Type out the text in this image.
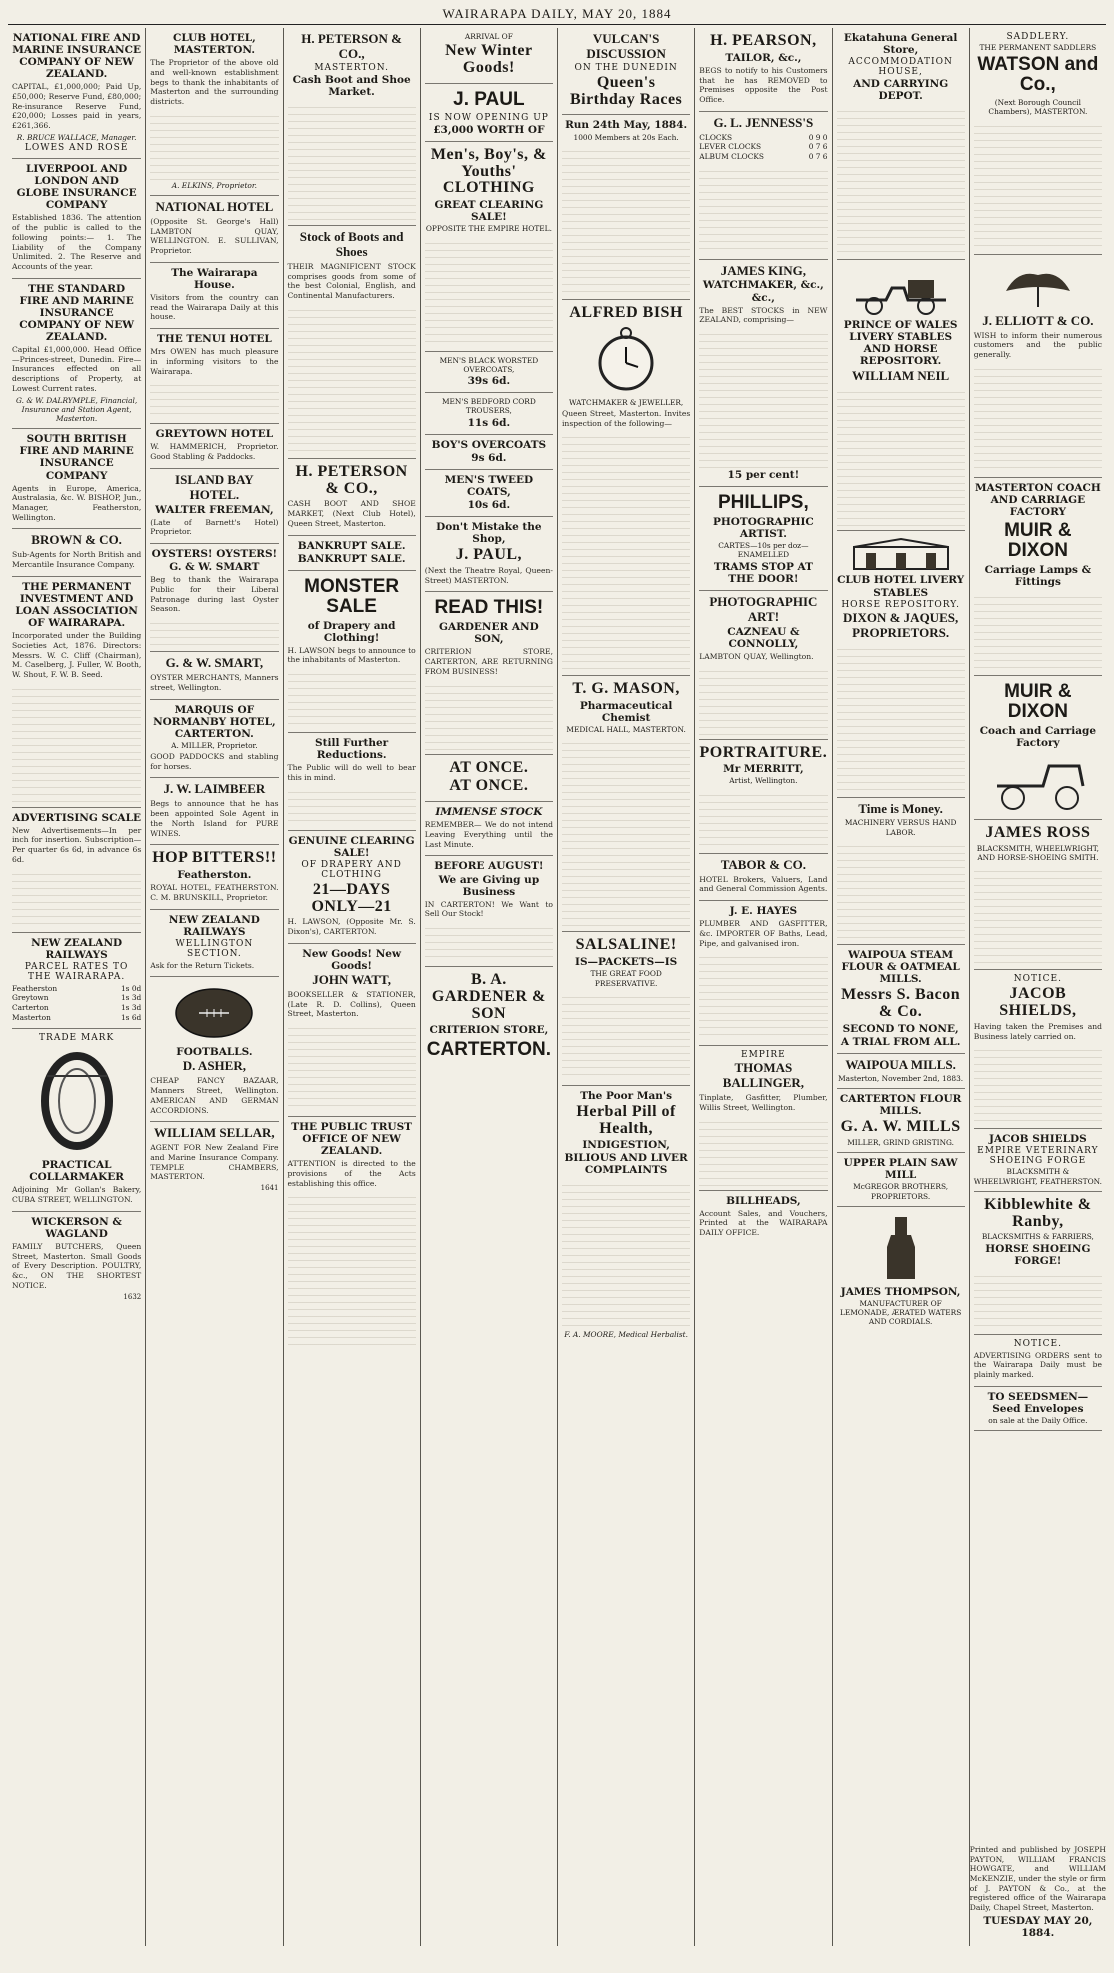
WAIRARAPA DAILY, MAY 20, 1884
NATIONAL FIRE AND MARINE INSURANCE COMPANY OF NEW ZEALAND.
CAPITAL, £1,000,000; Paid Up, £50,000; Reserve Fund, £80,000; Re-insurance Reserve Fund, £20,000; Losses paid in years, £261,366.
R. BRUCE WALLACE, Manager.
LOWES AND ROSE
LIVERPOOL AND LONDON AND GLOBE INSURANCE COMPANY
Established 1836. The attention of the public is called to the following points:— 1. The Liability of the Company Unlimited. 2. The Reserve and Accounts of the year.
THE STANDARD FIRE AND MARINE INSURANCE COMPANY OF NEW ZEALAND.
Capital £1,000,000. Head Office—Princes-street, Dunedin. Fire—Insurances effected on all descriptions of Property, at Lowest Current rates.
G. & W. DALRYMPLE, Financial, Insurance and Station Agent, Masterton.
SOUTH BRITISH FIRE AND MARINE INSURANCE COMPANY
Agents in Europe, America, Australasia, &c. W. BISHOP, Jun., Manager, Featherston, Wellington.
BROWN & CO.
Sub-Agents for North British and Mercantile Insurance Company.
THE PERMANENT INVESTMENT AND LOAN ASSOCIATION OF WAIRARAPA.
Incorporated under the Building Societies Act, 1876. Directors: Messrs. W. C. Cliff (Chairman), M. Caselberg, J. Fuller, W. Booth, W. Shout, F. W. B. Seed.
ADVERTISING SCALE
New Advertisements—In per inch for insertion. Subscription—Per quarter 6s 6d, in advance 6s 6d.
NEW ZEALAND RAILWAYS
PARCEL RATES TO THE WAIRARAPA.
Featherston	1s 0d
Greytown	1s 3d
Carterton	1s 3d
Masterton	1s 6d
TRADE MARK
PRACTICAL COLLARMAKER
Adjoining Mr Gollan's Bakery, CUBA STREET, WELLINGTON.
WICKERSON & WAGLAND
FAMILY BUTCHERS, Queen Street, Masterton. Small Goods of Every Description. POULTRY, &c., ON THE SHORTEST NOTICE.
1632
CLUB HOTEL, MASTERTON.
The Proprietor of the above old and well-known establishment begs to thank the inhabitants of Masterton and the surrounding districts.
A. ELKINS, Proprietor.
NATIONAL HOTEL
(Opposite St. George's Hall) LAMBTON QUAY, WELLINGTON. E. SULLIVAN, Proprietor.
The Wairarapa House.
Visitors from the country can read the Wairarapa Daily at this house.
THE TENUI HOTEL
Mrs OWEN has much pleasure in informing visitors to the Wairarapa.
GREYTOWN HOTEL
W. HAMMERICH, Proprietor. Good Stabling & Paddocks.
ISLAND BAY HOTEL.
WALTER FREEMAN,
(Late of Barnett's Hotel) Proprietor.
OYSTERS! OYSTERS!
G. & W. SMART
Beg to thank the Wairarapa Public for their Liberal Patronage during last Oyster Season.
G. & W. SMART,
OYSTER MERCHANTS, Manners street, Wellington.
MARQUIS OF NORMANBY HOTEL, CARTERTON.
A. MILLER, Proprietor.
GOOD PADDOCKS and stabling for horses.
J. W. LAIMBEER
Begs to announce that he has been appointed Sole Agent in the North Island for PURE WINES.
HOP BITTERS!!
Featherston.
ROYAL HOTEL, FEATHERSTON. C. M. BRUNSKILL, Proprietor.
NEW ZEALAND RAILWAYS
WELLINGTON SECTION.
Ask for the Return Tickets.
FOOTBALLS.
D. ASHER,
CHEAP FANCY BAZAAR, Manners Street, Wellington. AMERICAN AND GERMAN ACCORDIONS.
WILLIAM SELLAR,
AGENT FOR New Zealand Fire and Marine Insurance Company. TEMPLE CHAMBERS, MASTERTON.
1641
H. PETERSON & CO.,
MASTERTON.
Cash Boot and Shoe Market.
Stock of Boots and Shoes
THEIR MAGNIFICENT STOCK comprises goods from some of the best Colonial, English, and Continental Manufacturers.
H. PETERSON & CO.,
CASH BOOT AND SHOE MARKET, (Next Club Hotel), Queen Street, Masterton.
BANKRUPT SALE.
BANKRUPT SALE.
MONSTER SALE
of Drapery and Clothing!
H. LAWSON begs to announce to the inhabitants of Masterton.
Still Further Reductions.
The Public will do well to bear this in mind.
GENUINE CLEARING SALE!
OF DRAPERY AND CLOTHING
21—DAYS ONLY—21
H. LAWSON, (Opposite Mr. S. Dixon's), CARTERTON.
New Goods! New Goods!
JOHN WATT,
BOOKSELLER & STATIONER, (Late R. D. Collins), Queen Street, Masterton.
THE PUBLIC TRUST OFFICE OF NEW ZEALAND.
ATTENTION is directed to the provisions of the Acts establishing this office.
ARRIVAL OF
New Winter Goods!
J. PAUL
IS NOW OPENING UP
£3,000 WORTH OF
Men's, Boy's, & Youths' CLOTHING
GREAT CLEARING SALE!
OPPOSITE THE EMPIRE HOTEL.
MEN'S BLACK WORSTED OVERCOATS,
39s 6d.
MEN'S BEDFORD CORD TROUSERS,
11s 6d.
BOY'S OVERCOATS
9s 6d.
MEN'S TWEED COATS,
10s 6d.
Don't Mistake the Shop,
J. PAUL,
(Next the Theatre Royal, Queen-Street) MASTERTON.
READ THIS!
GARDENER AND SON,
CRITERION STORE, CARTERTON, ARE RETURNING FROM BUSINESS!
AT ONCE.
AT ONCE.
IMMENSE STOCK
REMEMBER— We do not intend Leaving Everything until the Last Minute.
BEFORE AUGUST!
We are Giving up Business
IN CARTERTON! We Want to Sell Our Stock!
B. A. GARDENER & SON
CRITERION STORE,
CARTERTON.
VULCAN'S DISCUSSION
ON THE DUNEDIN
Queen's Birthday Races
Run 24th May, 1884.
1000 Members at 20s Each.
ALFRED BISH
WATCHMAKER & JEWELLER,
Queen Street, Masterton. Invites inspection of the following—
T. G. MASON,
Pharmaceutical Chemist
MEDICAL HALL, MASTERTON.
SALSALINE!
IS—PACKETS—IS
THE GREAT FOOD PRESERVATIVE.
The Poor Man's
Herbal Pill of Health,
INDIGESTION, BILIOUS AND LIVER COMPLAINTS
F. A. MOORE, Medical Herbalist.
H. PEARSON,
TAILOR, &c.,
BEGS to notify to his Customers that he has REMOVED to Premises opposite the Post Office.
G. L. JENNESS'S
CLOCKS	0 9 0
LEVER CLOCKS	0 7 6
ALBUM CLOCKS	0 7 6
JAMES KING,
WATCHMAKER, &c., &c.,
The BEST STOCKS in NEW ZEALAND, comprising—
15 per cent!
PHILLIPS,
PHOTOGRAPHIC ARTIST.
CARTES—10s per doz— ENAMELLED
TRAMS STOP AT THE DOOR!
PHOTOGRAPHIC ART!
CAZNEAU & CONNOLLY,
LAMBTON QUAY, Wellington.
PORTRAITURE.
Mr MERRITT,
Artist, Wellington.
TABOR & CO.
HOTEL Brokers, Valuers, Land and General Commission Agents.
J. E. HAYES
PLUMBER AND GASFITTER, &c. IMPORTER OF Baths, Lead, Pipe, and galvanised iron.
EMPIRE
THOMAS BALLINGER,
Tinplate, Gasfitter, Plumber, Willis Street, Wellington.
BILLHEADS,
Account Sales, and Vouchers, Printed at the WAIRARAPA DAILY OFFICE.
Ekatahuna General Store,
ACCOMMODATION HOUSE,
AND CARRYING DEPOT.
PRINCE OF WALES LIVERY STABLES AND HORSE REPOSITORY.
WILLIAM NEIL
CLUB HOTEL LIVERY STABLES
HORSE REPOSITORY.
DIXON & JAQUES, PROPRIETORS.
Time is Money.
MACHINERY VERSUS HAND LABOR.
WAIPOUA STEAM FLOUR & OATMEAL MILLS.
Messrs S. Bacon & Co.
SECOND TO NONE,
A TRIAL FROM ALL.
WAIPOUA MILLS.
Masterton, November 2nd, 1883.
CARTERTON FLOUR MILLS.
G. A. W. MILLS
MILLER, GRIND GRISTING.
UPPER PLAIN SAW MILL
McGREGOR BROTHERS, PROPRIETORS.
JAMES THOMPSON,
MANUFACTURER OF LEMONADE, ÆRATED WATERS AND CORDIALS.
SADDLERY.
THE PERMANENT SADDLERS
WATSON and Co.,
(Next Borough Council Chambers), MASTERTON.
J. ELLIOTT & CO.
WISH to inform their numerous customers and the public generally.
MASTERTON COACH AND CARRIAGE FACTORY
MUIR & DIXON
Carriage Lamps & Fittings
MUIR & DIXON
Coach and Carriage Factory
JAMES ROSS
BLACKSMITH, WHEELWRIGHT, AND HORSE-SHOEING SMITH.
NOTICE.
JACOB SHIELDS,
Having taken the Premises and Business lately carried on.
JACOB SHIELDS
EMPIRE VETERINARY SHOEING FORGE
BLACKSMITH & WHEELWRIGHT, FEATHERSTON.
Kibblewhite & Ranby,
BLACKSMITHS & FARRIERS,
HORSE SHOEING FORGE!
NOTICE.
ADVERTISING ORDERS sent to the Wairarapa Daily must be plainly marked.
TO SEEDSMEN—Seed Envelopes
on sale at the Daily Office.
Printed and published by JOSEPH PAYTON, WILLIAM FRANCIS HOWGATE, and WILLIAM McKENZIE, under the style or firm of J. PAYTON & Co., at the registered office of the Wairarapa Daily, Chapel Street, Masterton.
TUESDAY MAY 20, 1884.
